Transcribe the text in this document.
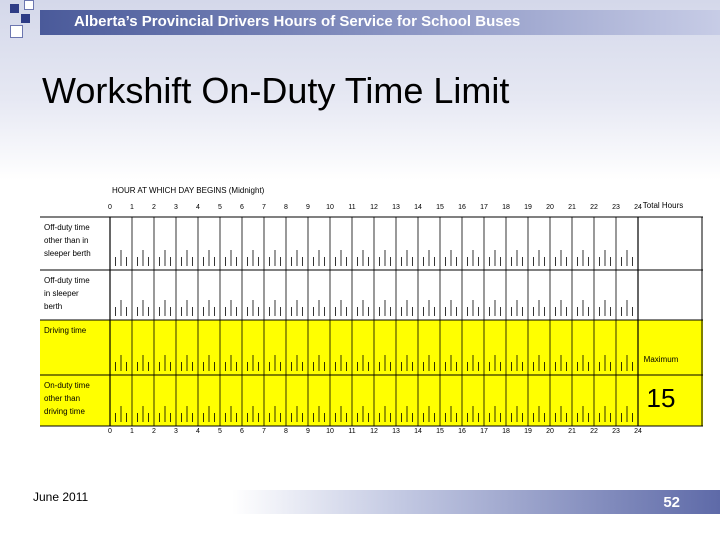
Alberta’s Provincial Drivers Hours of Service for School Buses
Workshift On-Duty Time Limit
HOUR AT WHICH DAY BEGINS (Midnight)
0
0
1
1
2
2
3
3
4
4
5
5
6
6
7
7
8
8
9
9
10
10
11
11
12
12
13
13
14
14
15
15
16
16
17
17
18
18
19
19
20
20
21
21
22
22
23
23
24
24
Total Hours
Off-duty time
other than in
sleeper berth
Off-duty time
in sleeper
berth
Driving time
On-duty time
other than
driving time
Maximum
15
June 2011	52
